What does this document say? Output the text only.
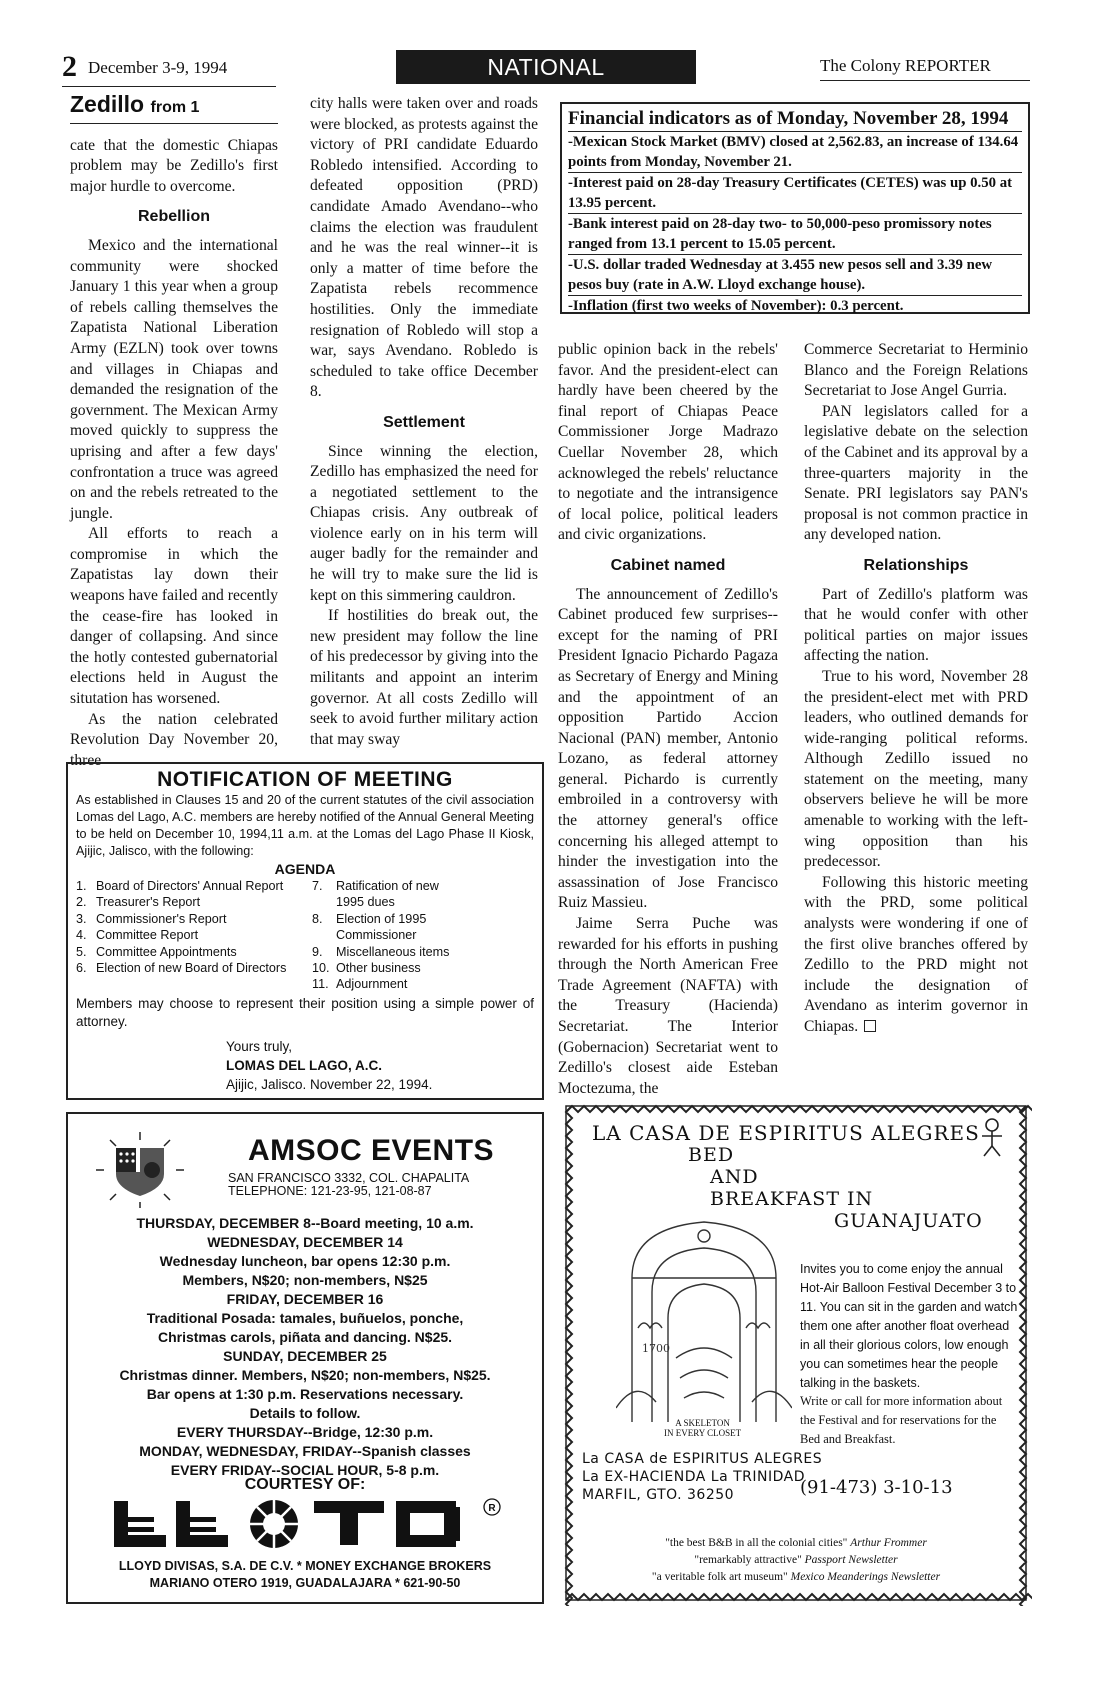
2 December 3-9, 1994	NATIONAL	The Colony REPORTER
Zedillo from 1

cate that the domestic Chiapas problem may be Zedillo's first major hurdle to overcome.

Rebellion

Mexico and the international community were shocked January 1 this year when a group of rebels calling themselves the Zapatista National Liberation Army (EZLN) took over towns and villages in Chiapas and demanded the resignation of the government. The Mexican Army moved quickly to suppress the uprising and after a few days' confrontation a truce was agreed on and the rebels retreated to the jungle.

All efforts to reach a compromise in which the Zapatistas lay down their weapons have failed and recently the cease-fire has looked in danger of collapsing. And since the hotly contested gubernatorial elections held in August the situtation has worsened.

As the nation celebrated Revolution Day November 20, three

city halls were taken over and roads were blocked, as protests against the victory of PRI candidate Eduardo Robledo intensified. According to defeated opposition (PRD) candidate Amado Avendano--who claims the election was fraudulent and he was the real winner--it is only a matter of time before the Zapatista rebels recommence hostilities. Only the immediate resignation of Robledo will stop a war, says Avendano. Robledo is scheduled to take office December 8.

Settlement

Since winning the election, Zedillo has emphasized the need for a negotiated settlement to the Chiapas crisis. Any outbreak of violence early on in his term will auger badly for the remainder and he will try to make sure the lid is kept on this simmering cauldron.

If hostilities do break out, the new president may follow the line of his predecessor by giving into the militants and appoint an interim governor. At all costs Zedillo will seek to avoid further military action that may sway

Financial indicators as of Monday, November 28, 1994
-Mexican Stock Market (BMV) closed at 2,562.83, an increase of 134.64 points from Monday, November 21.
-Interest paid on 28-day Treasury Certificates (CETES) was up 0.50 at 13.95 percent.
-Bank interest paid on 28-day two- to 50,000-peso promissory notes ranged from 13.1 percent to 15.05 percent.
-U.S. dollar traded Wednesday at 3.455 new pesos sell and 3.39 new pesos buy (rate in A.W. Lloyd exchange house).
-Inflation (first two weeks of November): 0.3 percent.

public opinion back in the rebels' favor. And the president-elect can hardly have been cheered by the final report of Chiapas Peace Commissioner Jorge Madrazo Cuellar November 28, which acknowleged the rebels' reluctance to negotiate and the intransigence of local police, political leaders and civic organizations.

Cabinet named

The announcement of Zedillo's Cabinet produced few surprises--except for the naming of PRI President Ignacio Pichardo Pagaza as Secretary of Energy and Mining and the appointment of an opposition Partido Accion Nacional (PAN) member, Antonio Lozano, as federal attorney general. Pichardo is currently embroiled in a controversy with the attorney general's office concerning his alleged attempt to hinder the investigation into the assassination of Jose Francisco Ruiz Massieu.

Jaime Serra Puche was rewarded for his efforts in pushing through the North American Free Trade Agreement (NAFTA) with the Treasury (Hacienda) Secretariat. The Interior (Gobernacion) Secretariat went to Zedillo's closest aide Esteban Moctezuma, the

Commerce Secretariat to Herminio Blanco and the Foreign Relations Secretariat to Jose Angel Gurria.

PAN legislators called for a legislative debate on the selection of the Cabinet and its approval by a three-quarters majority in the Senate. PRI legislators say PAN's proposal is not common practice in any developed nation.

Relationships

Part of Zedillo's platform was that he would confer with other political parties on major issues affecting the nation.

True to his word, November 28 the president-elect met with PRD leaders, who outlined demands for wide-ranging political reforms. Although Zedillo issued no statement on the meeting, many observers believe he will be more amenable to working with the left-wing opposition than his predecessor.

Following this historic meeting with the PRD, some political analysts were wondering if one of the first olive branches offered by Zedillo to the PRD might not include the designation of Avendano as interim governor in Chiapas.

NOTIFICATION OF MEETING
As established in Clauses 15 and 20 of the current statutes of the civil association Lomas del Lago, A.C. members are hereby notified of the Annual General Meeting to be held on December 10, 1994,11 a.m. at the Lomas del Lago Phase II Kiosk, Ajijic, Jalisco, with the following:
AGENDA
1. Board of Directors' Annual Report
2. Treasurer's Report
3. Commissioner's Report
4. Committee Report
5. Committee Appointments
6. Election of new Board of Directors
7.	Ratification of new 1995 dues
8.	Election of 1995 Commissioner
9.	Miscellaneous items
10. Other business
11. Adjournment
Members may choose to represent their position using a simple power of attorney.
Yours truly,
LOMAS DEL LAGO, A.C.
Ajijic, Jalisco. November 22, 1994.
AMSOC EVENTS
SAN FRANCISCO 3332, COL. CHAPALITA
TELEPHONE: 121-23-95, 121-08-87
THURSDAY, DECEMBER 8--Board meeting, 10 a.m.
WEDNESDAY, DECEMBER 14
Wednesday luncheon, bar opens 12:30 p.m.
Members, N$20; non-members, N$25
FRIDAY, DECEMBER 16
Traditional Posada: tamales, buñuelos, ponche,
Christmas carols, piñata and dancing. N$25.
SUNDAY, DECEMBER 25
Christmas dinner. Members, N$20; non-members, N$25.
Bar opens at 1:30 p.m. Reservations necessary.
Details to follow.
EVERY THURSDAY--Bridge, 12:30 p.m.
MONDAY, WEDNESDAY, FRIDAY--Spanish classes
EVERY FRIDAY--SOCIAL HOUR, 5-8 p.m.
COURTESY OF:
R
LLOYD DIVISAS, S.A. DE C.V. * MONEY EXCHANGE BROKERS
MARIANO OTERO 1919, GUADALAJARA * 621-90-50
LA CASA DE ESPIRITUS ALEGRES
BED
AND
BREAKFAST IN
GUANAJUATO
1700
A SKELETON
IN EVERY CLOSET
Invites you to come enjoy the annual Hot-Air Balloon Festival December 3 to 11. You can sit in the garden and watch them one after another float overhead in all their glorious colors, low enough you can sometimes hear the people talking in the baskets.
Write or call for more information about the Festival and for reservations for the Bed and Breakfast.
La CASA de ESPIRITUS ALEGRES
La EX-HACIENDA La TRINIDAD
MARFIL, GTO. 36250	(91-473) 3-10-13
"the best B&B in all the colonial cities" Arthur Frommer
"remarkably attractive" Passport Newsletter
"a veritable folk art museum" Mexico Meanderings Newsletter
